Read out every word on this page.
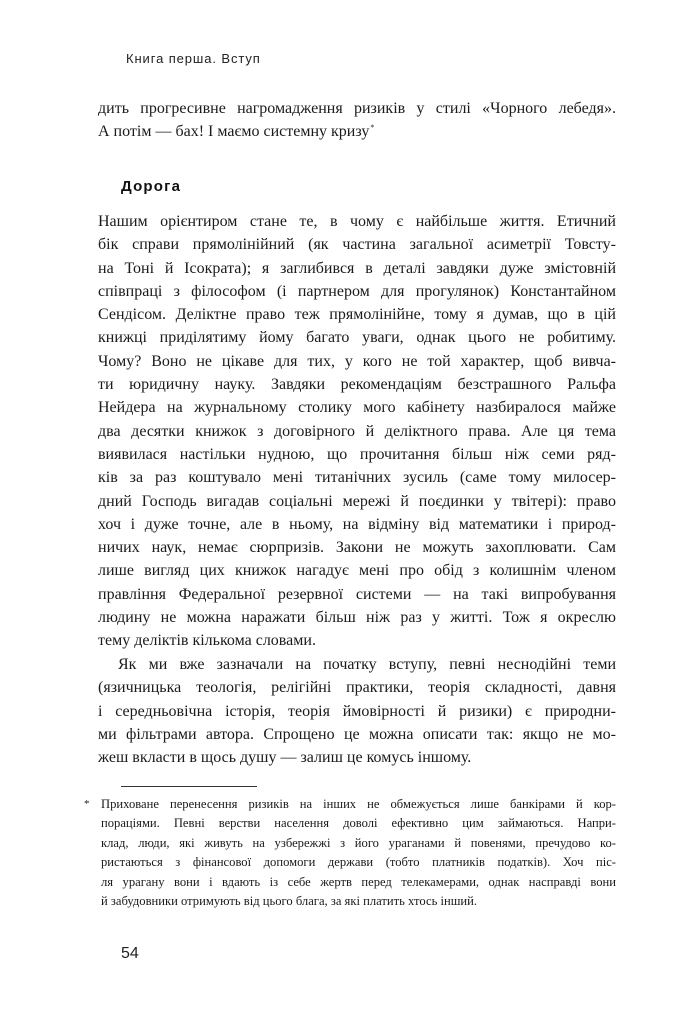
Книга перша. Вступ
дить прогресивне нагромадження ризиків у стилі «Чорного лебедя».
А потім — бах! І маємо системну кризу*
Дорога
Нашим орієнтиром стане те, в чому є найбільше життя. Етичний
бік справи прямолінійний (як частина загальної асиметрії Товсту-
на Тоні й Ісократа); я заглибився в деталі завдяки дуже змістовній
співпраці з філософом (і партнером для прогулянок) Константайном
Сендісом. Деліктне право теж прямолінійне, тому я думав, що в цій
книжці приділятиму йому багато уваги, однак цього не робитиму.
Чому? Воно не цікаве для тих, у кого не той характер, щоб вивча-
ти юридичну науку. Завдяки рекомендаціям безстрашного Ральфа
Нейдера на журнальному столику мого кабінету назбиралося майже
два десятки книжок з договірного й деліктного права. Але ця тема
виявилася настільки нудною, що прочитання більш ніж семи ряд-
ків за раз коштувало мені титанічних зусиль (саме тому милосер-
дний Господь вигадав соціальні мережі й поєдинки у твітері): право
хоч і дуже точне, але в ньому, на відміну від математики і природ-
ничих наук, немає сюрпризів. Закони не можуть захоплювати. Сам
лише вигляд цих книжок нагадує мені про обід з колишнім членом
правління Федеральної резервної системи — на такі випробування
людину не можна наражати більш ніж раз у житті. Тож я окреслю
тему деліктів кількома словами.
Як ми вже зазначали на початку вступу, певні неснодійні теми
(язичницька теологія, релігійні практики, теорія складності, давня
і середньовічна історія, теорія ймовірності й ризики) є природни-
ми фільтрами автора. Спрощено це можна описати так: якщо не мо-
жеш вкласти в щось душу — залиш це комусь іншому.
* Приховане перенесення ризиків на інших не обмежується лише банкірами й кор-
пораціями. Певні верстви населення доволі ефективно цим займаються. Напри-
клад, люди, які живуть на узбережжі з його ураганами й повенями, пречудово ко-
ристаються з фінансової допомоги держави (тобто платників податків). Хоч піс-
ля урагану вони і вдають із себе жертв перед телекамерами, однак насправді вони
й забудовники отримують від цього блага, за які платить хтось інший.
54
